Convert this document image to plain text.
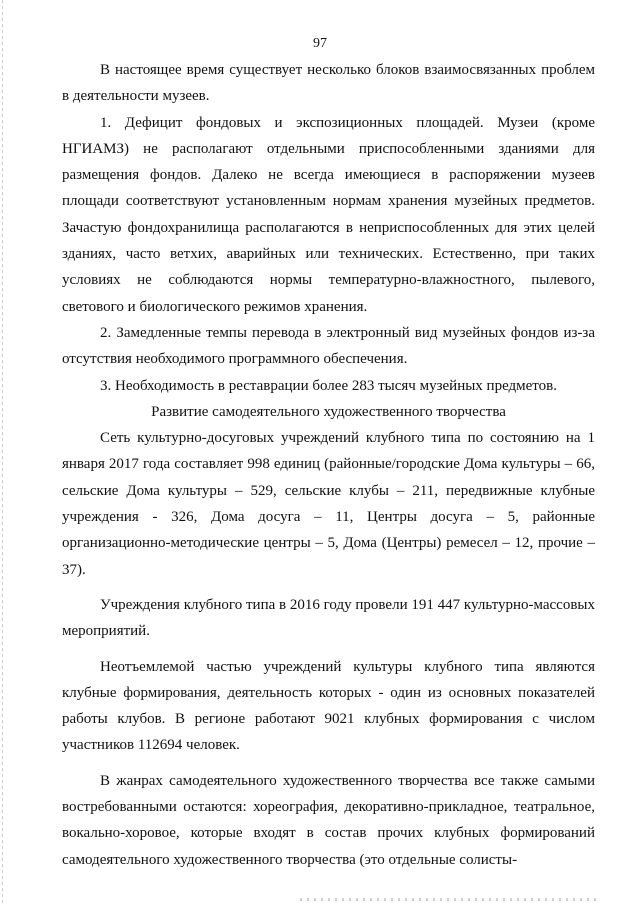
97

В настоящее время существует несколько блоков взаимосвязанных проблем в деятельности музеев.

1. Дефицит фондовых и экспозиционных площадей. Музеи (кроме НГИАМЗ) не располагают отдельными приспособленными зданиями для размещения фондов. Далеко не всегда имеющиеся в распоряжении музеев площади соответствуют установленным нормам хранения музейных предметов. Зачастую фондохранилища располагаются в неприспособленных для этих целей зданиях, часто ветхих, аварийных или технических. Естественно, при таких условиях не соблюдаются нормы температурно-влажностного, пылевого, светового и биологического режимов хранения.

2. Замедленные темпы перевода в электронный вид музейных фондов из-за отсутствия необходимого программного обеспечения.

3. Необходимость в реставрации более 283 тысяч музейных предметов.

Развитие самодеятельного художественного творчества

Сеть культурно-досуговых учреждений клубного типа по состоянию на 1 января 2017 года составляет 998 единиц (районные/городские Дома культуры – 66, сельские Дома культуры – 529, сельские клубы – 211, передвижные клубные учреждения - 326, Дома досуга – 11, Центры досуга – 5, районные организационно-методические центры – 5, Дома (Центры) ремесел – 12, прочие – 37).

Учреждения клубного типа в 2016 году провели 191 447 культурно-массовых мероприятий.

Неотъемлемой частью учреждений культуры клубного типа являются клубные формирования, деятельность которых - один из основных показателей работы клубов. В регионе работают 9021 клубных формирования с числом участников 112694 человек.

В жанрах самодеятельного художественного творчества все также самыми востребованными остаются: хореография, декоративно-прикладное, театральное, вокально-хоровое, которые входят в состав прочих клубных формирований самодеятельного художественного творчества (это отдельные солисты-
